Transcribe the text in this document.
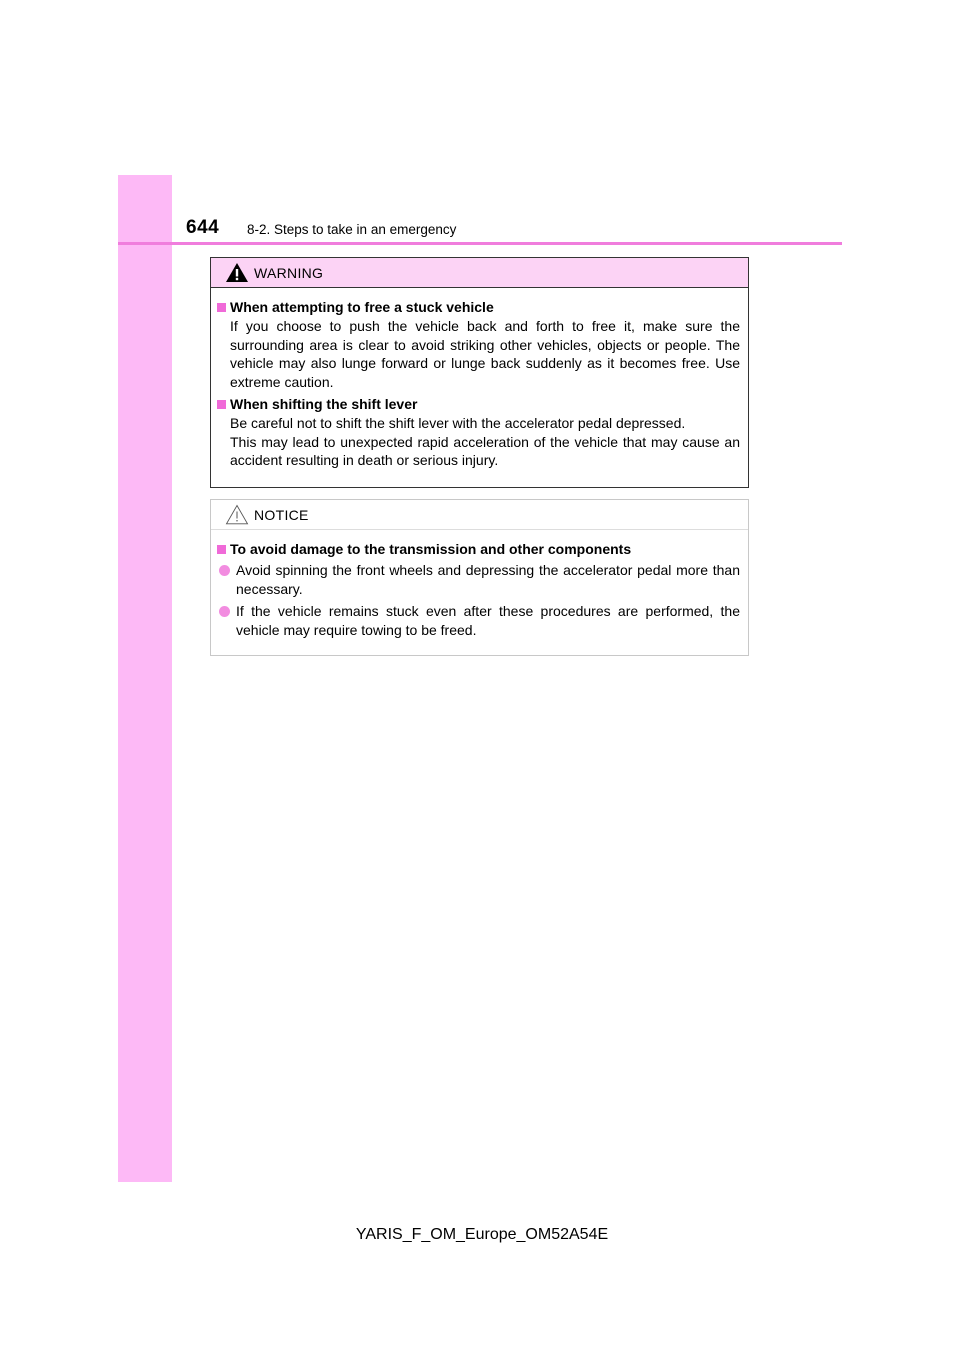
644 8-2. Steps to take in an emergency
WARNING
When attempting to free a stuck vehicle
If you choose to push the vehicle back and forth to free it, make sure the surrounding area is clear to avoid striking other vehicles, objects or people. The vehicle may also lunge forward or lunge back suddenly as it becomes free. Use extreme caution.
When shifting the shift lever
Be careful not to shift the shift lever with the accelerator pedal depressed.
This may lead to unexpected rapid acceleration of the vehicle that may cause an accident resulting in death or serious injury.
NOTICE
To avoid damage to the transmission and other components
Avoid spinning the front wheels and depressing the accelerator pedal more than necessary.
If the vehicle remains stuck even after these procedures are performed, the vehicle may require towing to be freed.
YARIS_F_OM_Europe_OM52A54E
